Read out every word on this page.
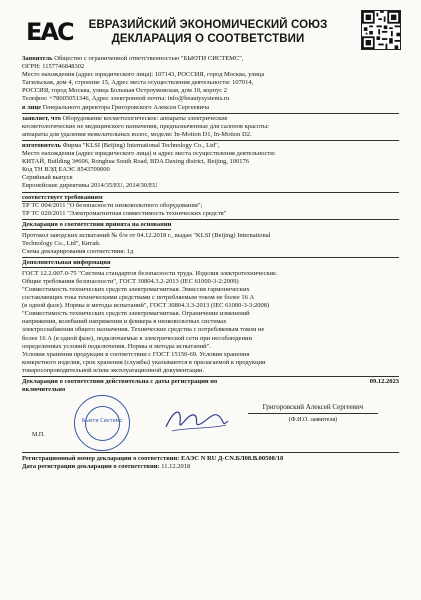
EAC	ЕВРАЗИЙСКИЙ ЭКОНОМИЧЕСКИЙ СОЮЗ
ДЕКЛАРАЦИЯ О СООТВЕТСТВИИ
Заявитель Общество с ограниченной ответственностью "БЬЮТИ СИСТЕМС",
ОГРН: 1157746848302
Место нахождения (адрес юридического лица): 107143, РОССИЯ, город Москва, улица
Тагильская, дом 4, строение 15, Адрес места осуществления деятельности: 107014,
РОССИЯ, город Москва, улица Большая Остроумовская, дом 10, корпус 2
Телефон: +78005051346, Адрес электронной почты: info@beautysystems.ru
в лице Генерального директора Григоровского Алексея Сергеевича
заявляет, что Оборудование косметологическое: аппараты электрические
косметологические не медицинского назначения, предназначенные для салонов красоты:
аппараты для удаления нежелательных волос, модели: In-Motion D1, In-Motion D2.
изготовитель Фирма "KLSI (Beijing) International Technology Co., Ltd",
Место нахождения (адрес юридического лица) и адрес места осуществления деятельности:
КИТАЙ, Building 3#606, Ronghua South Road, BDA Daxing district, Beijing, 100176
Код ТН ВЭД ЕАЭС 8543709000
Серийный выпуск
Европейские директивы 2014/35/EU, 2014/30/EU
соответствует требованиям
ТР ТС 004/2011 "О безопасности низковольтного оборудования";
ТР ТС 020/2011 "Электромагнитная совместимость технических средств"
Декларация о соответствии принята на основании
Протокол заводских испытаний № б/н от 04.12.2018 г., выдан "KLSI (Beijing) International
Technology Co., Ltd", Китай.
Схема декларирования соответствия: 1д
Дополнительная информация
ГОСТ 12.2.007.0-75 "Система стандартов безопасности труда. Изделия электротехнические.
Общие требования безопасности", ГОСТ 30804.3.2-2013 (IEC 61000-3-2:2009)
"Совместимость технических средств электромагнитная. Эмиссия гармонических
составляющих тока техническими средствами с потребляемым током не более 16 А
(в одной фазе). Нормы и методы испытаний", ГОСТ 30804.3.3-2013 (IEC 61000-3-3:2008)
"Совместимость технических средств электромагнитная. Ограничение изменений
напряжения, колебаний напряжения и фликера в низковольтных системах
электроснабжения общего назначения. Технические средства с потребляемым током не
более 16 А (в одной фазе), подключаемые к электрической сети при несоблюдении
определенных условий подключения. Нормы и методы испытаний".
Условия хранения продукции в соответствии с ГОСТ 15150-69. Условия хранения
конкретного изделия, срок хранения (службы) указываются в прилагаемой к продукции
товаросопроводительной и/или эксплуатационной документации.
Декларация о соответствии действительна с даты регистрации по	09.12.2023
включительно
Бьюти Системс
Григоровский Алексей Сергеевич
(Ф.И.О. заявителя)
М.П.
Регистрационный номер декларации о соответствии: ЕАЭС N RU Д-CN.БЛ08.В.00508/18
Дата регистрации декларации о соответствии: 11.12.2018
